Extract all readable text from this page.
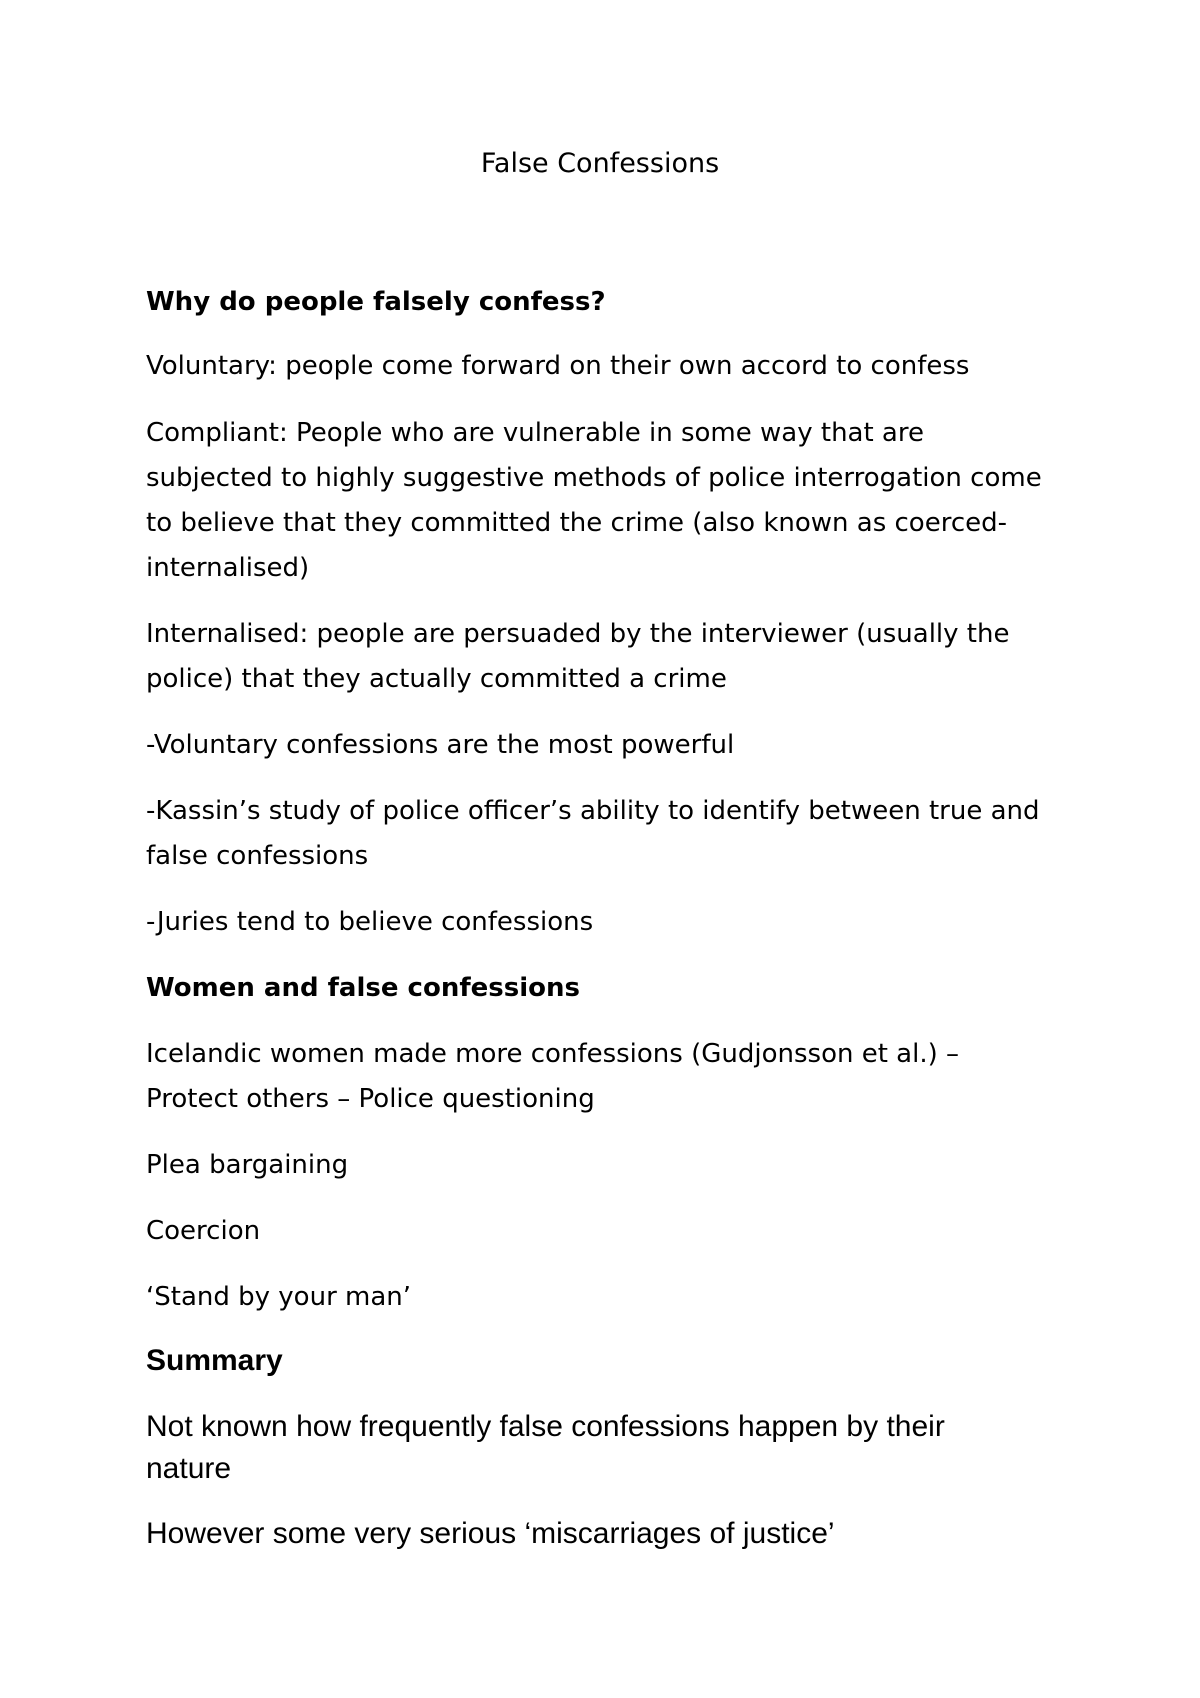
False Confessions
Why do people falsely confess?
Voluntary: people come forward on their own accord to confess
Compliant: People who are vulnerable in some way that are
subjected to highly suggestive methods of police interrogation come
to believe that they committed the crime (also known as coerced-
internalised)
Internalised: people are persuaded by the interviewer (usually the
police) that they actually committed a crime
-Voluntary confessions are the most powerful
-Kassin’s study of police officer’s ability to identify between true and
false confessions
-Juries tend to believe confessions
Women and false confessions
Icelandic women made more confessions (Gudjonsson et al.) –
Protect others – Police questioning
Plea bargaining
Coercion
‘Stand by your man’
Summary
Not known how frequently false confessions happen by their
nature
However some very serious ‘miscarriages of justice’
